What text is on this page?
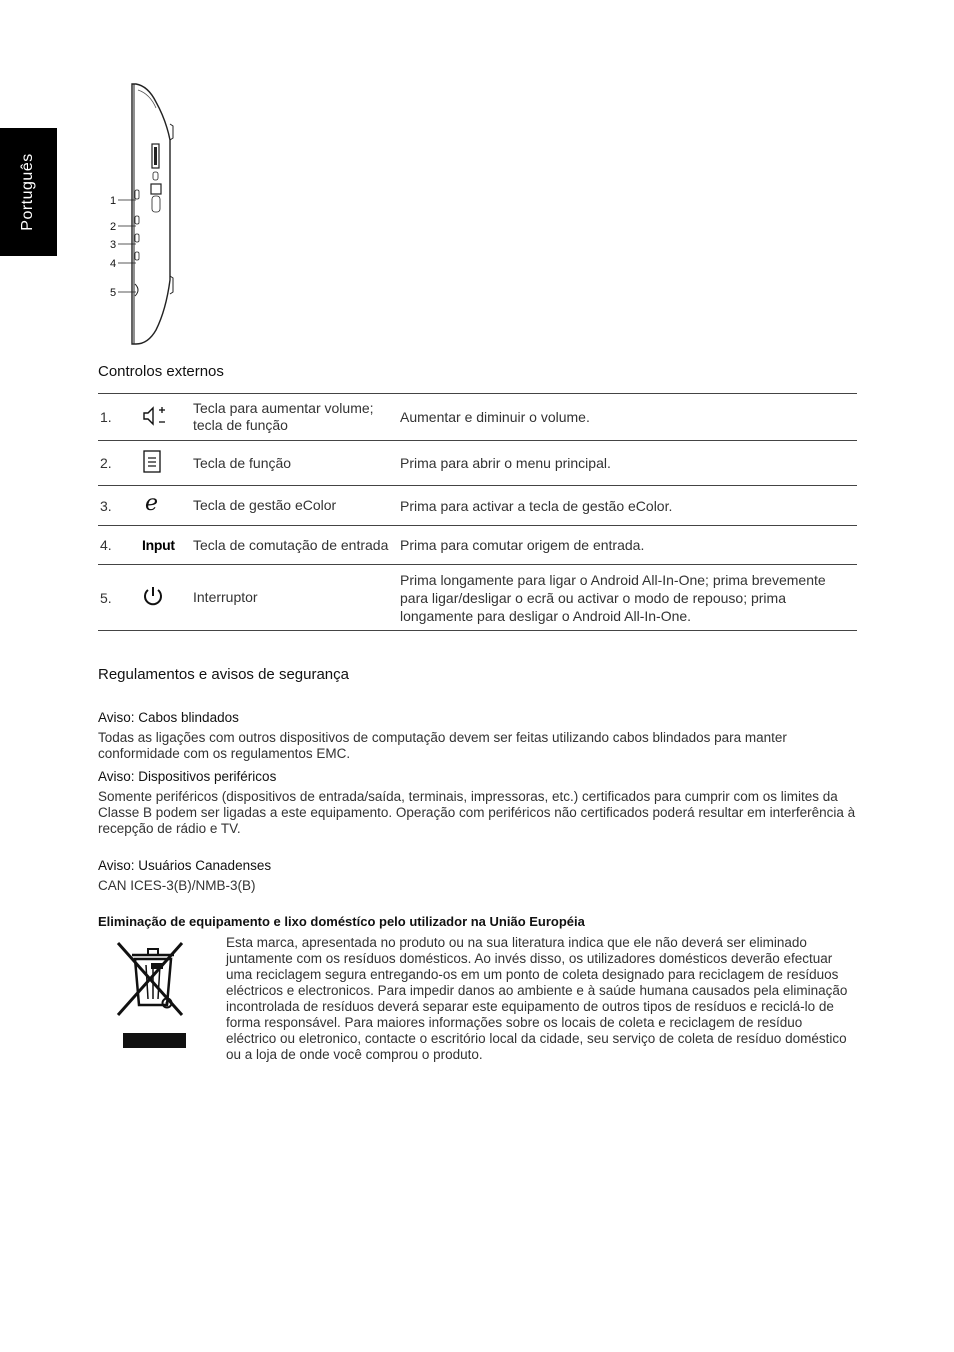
Português	1
2
3
4
5
Controlos externos
1.		Tecla para aumentar volume; tecla de função	Aumentar e diminuir o volume.
2.		Tecla de função	Prima para abrir o menu principal.
3.	e	Tecla de gestão eColor	Prima para activar a tecla de gestão eColor.
4.	Input	Tecla de comutação de entrada	Prima para comutar origem de entrada.
5.		Interruptor	Prima longamente para ligar o Android All-In-One; prima brevemente para ligar/desligar o ecrã ou activar o modo de repouso; prima longamente para desligar o Android All-In-One.
Regulamentos e avisos de segurança
Aviso: Cabos blindados
Todas as ligações com outros dispositivos de computação devem ser feitas utilizando cabos blindados para manter conformidade com os regulamentos EMC.
Aviso: Dispositivos periféricos
Somente periféricos (dispositivos de entrada/saída, terminais, impressoras, etc.) certificados para cumprir com os limites da Classe B podem ser ligadas a este equipamento. Operação com periféricos não certificados poderá resultar em interferência à recepção de rádio e TV.
Aviso: Usuários Canadenses
CAN ICES-3(B)/NMB-3(B)
Eliminação de equipamento e lixo doméstíco pelo utilizador na União Européia
Esta marca, apresentada no produto ou na sua literatura indica que ele não deverá ser eliminado juntamente com os resíduos domésticos. Ao invés disso, os utilizadores domésticos deverão efectuar uma reciclagem segura entregando-os em um ponto de coleta designado para reciclagem de resíduos eléctricos e electronicos. Para impedir danos ao ambiente e à saúde humana causados pela eliminação incontrolada de resíduos deverá separar este equipamento de outros tipos de resíduos e reciclá-lo de forma responsável. Para maiores informações sobre os locais de coleta e reciclagem de resíduo eléctrico ou eletronico, contacte o escritório local da cidade, seu serviço de coleta de resíduo doméstico ou a loja de onde você comprou o produto.
